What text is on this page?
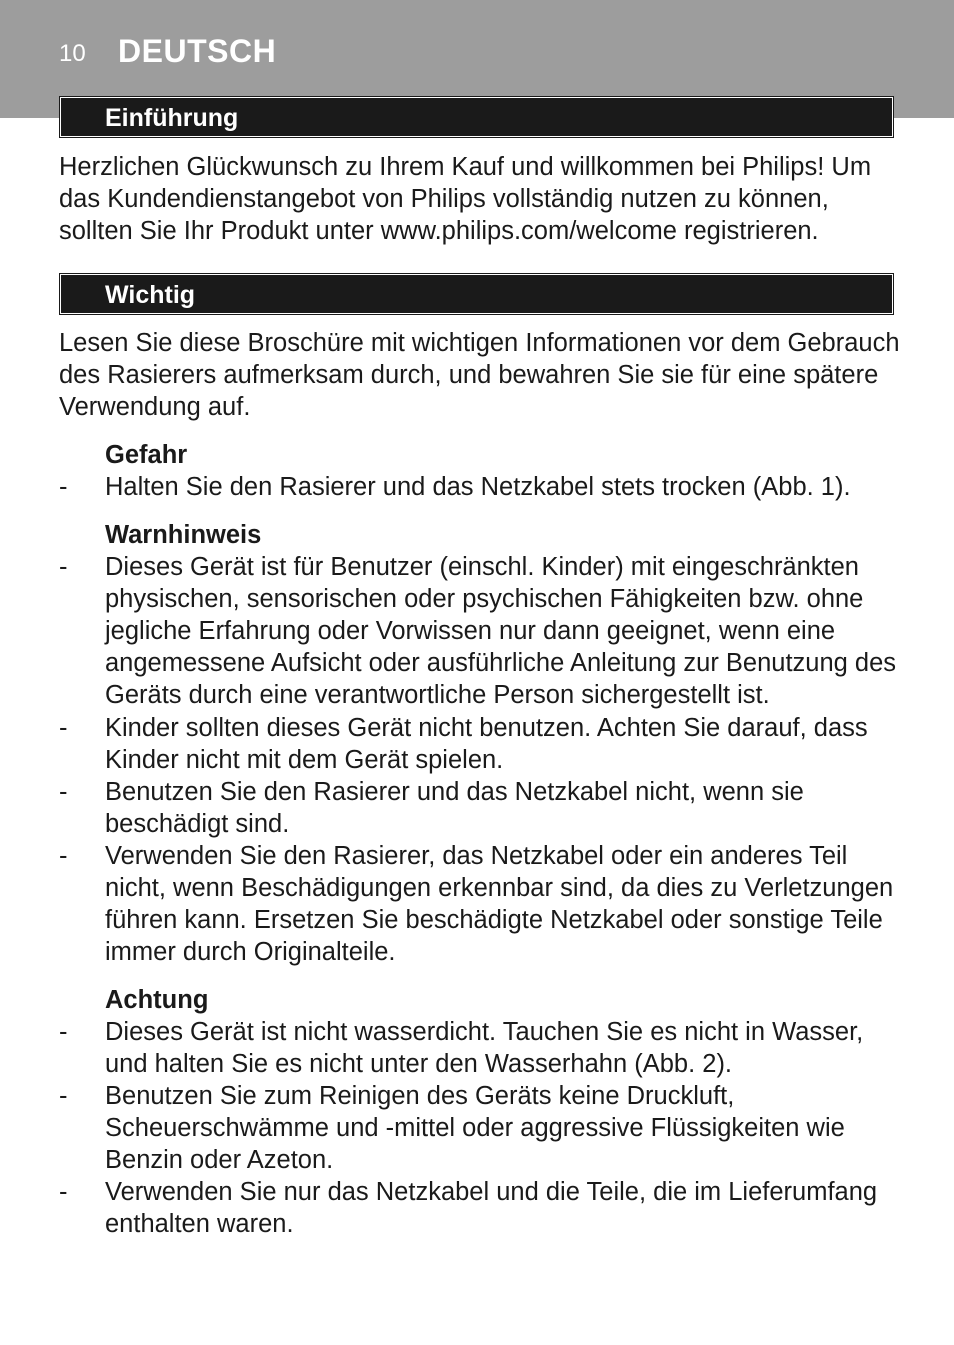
10 DEUTSCH
Einführung

Herzlichen Glückwunsch zu Ihrem Kauf und willkommen bei Philips! Um das Kundendienstangebot von Philips vollständig nutzen zu können, sollten Sie Ihr Produkt unter www.philips.com/welcome registrieren.

Wichtig

Lesen Sie diese Broschüre mit wichtigen Informationen vor dem Gebrauch des Rasierers aufmerksam durch, und bewahren Sie sie für eine spätere Verwendung auf.

Gefahr
- Halten Sie den Rasierer und das Netzkabel stets trocken (Abb. 1).
Warnhinweis
- Dieses Gerät ist für Benutzer (einschl. Kinder) mit eingeschränkten physischen, sensorischen oder psychischen Fähigkeiten bzw. ohne jegliche Erfahrung oder Vorwissen nur dann geeignet, wenn eine angemessene Aufsicht oder ausführliche Anleitung zur Benutzung des Geräts durch eine verantwortliche Person sichergestellt ist.
- Kinder sollten dieses Gerät nicht benutzen. Achten Sie darauf, dass Kinder nicht mit dem Gerät spielen.
- Benutzen Sie den Rasierer und das Netzkabel nicht, wenn sie beschädigt sind.
- Verwenden Sie den Rasierer, das Netzkabel oder ein anderes Teil nicht, wenn Beschädigungen erkennbar sind, da dies zu Verletzungen führen kann. Ersetzen Sie beschädigte Netzkabel oder sonstige Teile immer durch Originalteile.
Achtung
- Dieses Gerät ist nicht wasserdicht. Tauchen Sie es nicht in Wasser, und halten Sie es nicht unter den Wasserhahn (Abb. 2).
- Benutzen Sie zum Reinigen des Geräts keine Druckluft, Scheuerschwämme und -mittel oder aggressive Flüssigkeiten wie Benzin oder Azeton.
- Verwenden Sie nur das Netzkabel und die Teile, die im Lieferumfang enthalten waren.
